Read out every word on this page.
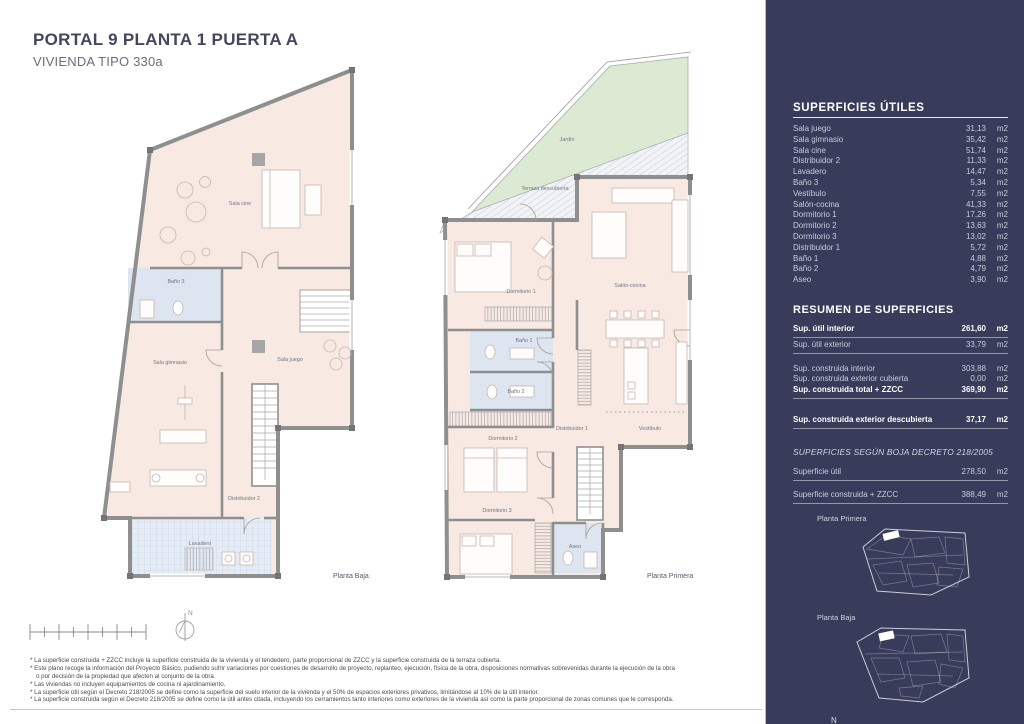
PORTAL 9 PLANTA 1 PUERTA A
VIVIENDA TIPO 330a
Sala cine
Baño 3
Sala gimnasio	Sala juego
Distribuidor 2
Lavadero
Planta Baja
Jardín
Terraza descubierta
Dormitorio 1
Salón-cocina
Baño 1
Baño 2
Dormitorio 2
Distribuidor 1	Vestíbulo
Dormitorio 3
Aseo
Planta Primera
N
* La superficie construida + ZZCC incluye la superficie construida de la vivienda y el tendedero, parte proporcional de ZZCC y la superficie construida de la terraza cubierta.
* Este plano recoge la información del Proyecto Básico, pudiendo sufrir variaciones por cuestiones de desarrollo de proyecto, replanteo, ejecución, física de la obra, disposiciones normativas sobrevenidas durante la ejecución de la obra o por decisión de la propiedad que afecten al conjunto de la obra.
* Las viviendas no incluyen equipamientos de cocina ni ajardinamiento.
* La superficie útil según el Decreto 218/2005 se define como la superficie del suelo interior de la vivienda y el 50% de espacios exteriores privativos, limitándose al 10% de la útil interior.
* La superficie construida según el Decreto 218/2005 se define como la útil antes citada, incluyendo los cerramientos tanto interiores como exteriores de la vivienda así como la parte proporcional de zonas comunes que le corresponda.
SUPERFICIES ÚTILES
Sala juego	31,13	m2
Sala gimnasio	35,42	m2
Sala cine	51,74	m2
Distribuidor 2	11,33	m2
Lavadero	14,47	m2
Baño 3	5,34	m2
Vestíbulo	7,55	m2
Salón-cocina	41,33	m2
Dormitorio 1	17,26	m2
Dormitorio 2	13,63	m2
Dormitorio 3	13,02	m2
Distribuidor 1	5,72	m2
Baño 1	4,88	m2
Baño 2	4,79	m2
Aseo	3,90	m2
RESUMEN DE SUPERFICIES
Sup. útil interior	261,60	m2
Sup. útil exterior	33,79	m2
Sup. construida interior	303,88	m2
Sup. construida exterior cubierta	0,00	m2
Sup. construida total + ZZCC	369,90	m2
Sup. construida exterior descubierta	37,17	m2
SUPERFICIES SEGÚN BOJA DECRETO 218/2005
Superficie útil	278,50	m2
Superficie construida + ZZCC	388,49	m2
Planta Primera
Planta Baja
N
